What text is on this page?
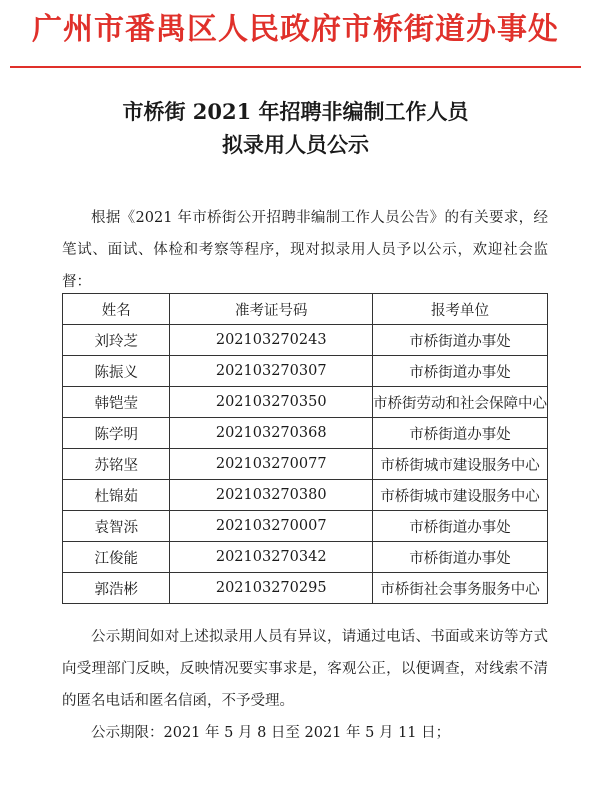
广州市番禺区人民政府市桥街道办事处
市桥街 2021 年招聘非编制工作人员
拟录用人员公示
根据《2021 年市桥街公开招聘非编制工作人员公告》的有关要求，经笔试、面试、体检和考察等程序，现对拟录用人员予以公示，欢迎社会监督：
姓名	准考证号码	报考单位
刘玲芝	202103270243	市桥街道办事处
陈振义	202103270307	市桥街道办事处
韩铠莹	202103270350	市桥街劳动和社会保障中心
陈学明	202103270368	市桥街道办事处
苏铭坚	202103270077	市桥街城市建设服务中心
杜锦茹	202103270380	市桥街城市建设服务中心
袁智泺	202103270007	市桥街道办事处
江俊能	202103270342	市桥街道办事处
郭浩彬	202103270295	市桥街社会事务服务中心
公示期间如对上述拟录用人员有异议，请通过电话、书面或来访等方式向受理部门反映，反映情况要实事求是，客观公正，以便调查，对线索不清的匿名电话和匿名信函，不予受理。
公示期限：2021 年 5 月 8 日至 2021 年 5 月 11 日；
